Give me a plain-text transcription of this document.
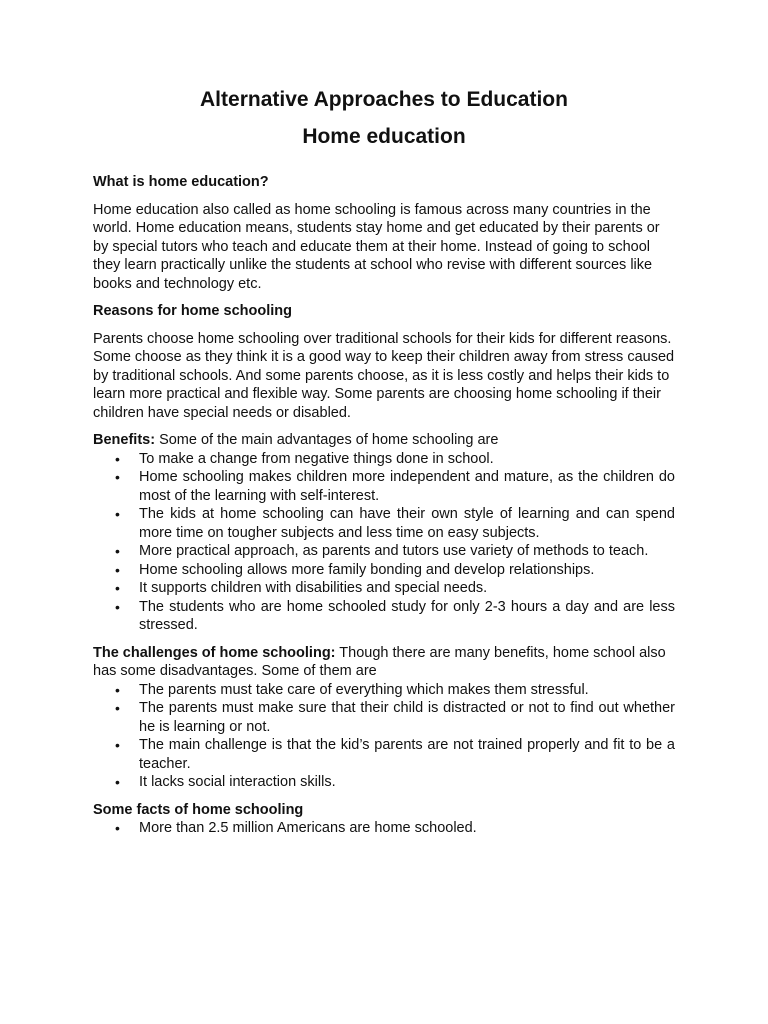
Alternative Approaches to Education
Home education

What is home education?

Home education also called as home schooling is famous across many countries in the world. Home education means, students stay home and get educated by their parents or by special tutors who teach and educate them at their home. Instead of going to school they learn practically unlike the students at school who revise with different sources like books and technology etc.

Reasons for home schooling

Parents choose home schooling over traditional schools for their kids for different reasons. Some choose as they think it is a good way to keep their children away from stress caused by traditional schools. And some parents choose, as it is less costly and helps their kids to learn more practical and flexible way. Some parents are choosing home schooling if their children have special needs or disabled.

Benefits: Some of the main advantages of home schooling are

• To make a change from negative things done in school.
• Home schooling makes children more independent and mature, as the children do most of the learning with self-interest.
• The kids at home schooling can have their own style of learning and can spend more time on tougher subjects and less time on easy subjects.
• More practical approach, as parents and tutors use variety of methods to teach.
• Home schooling allows more family bonding and develop relationships.
• It supports children with disabilities and special needs.
• The students who are home schooled study for only 2-3 hours a day and are less stressed.

The challenges of home schooling: Though there are many benefits, home school also has some disadvantages. Some of them are

• The parents must take care of everything which makes them stressful.
• The parents must make sure that their child is distracted or not to find out whether he is learning or not.
• The main challenge is that the kid’s parents are not trained properly and fit to be a teacher.
• It lacks social interaction skills.

Some facts of home schooling

• More than 2.5 million Americans are home schooled.
